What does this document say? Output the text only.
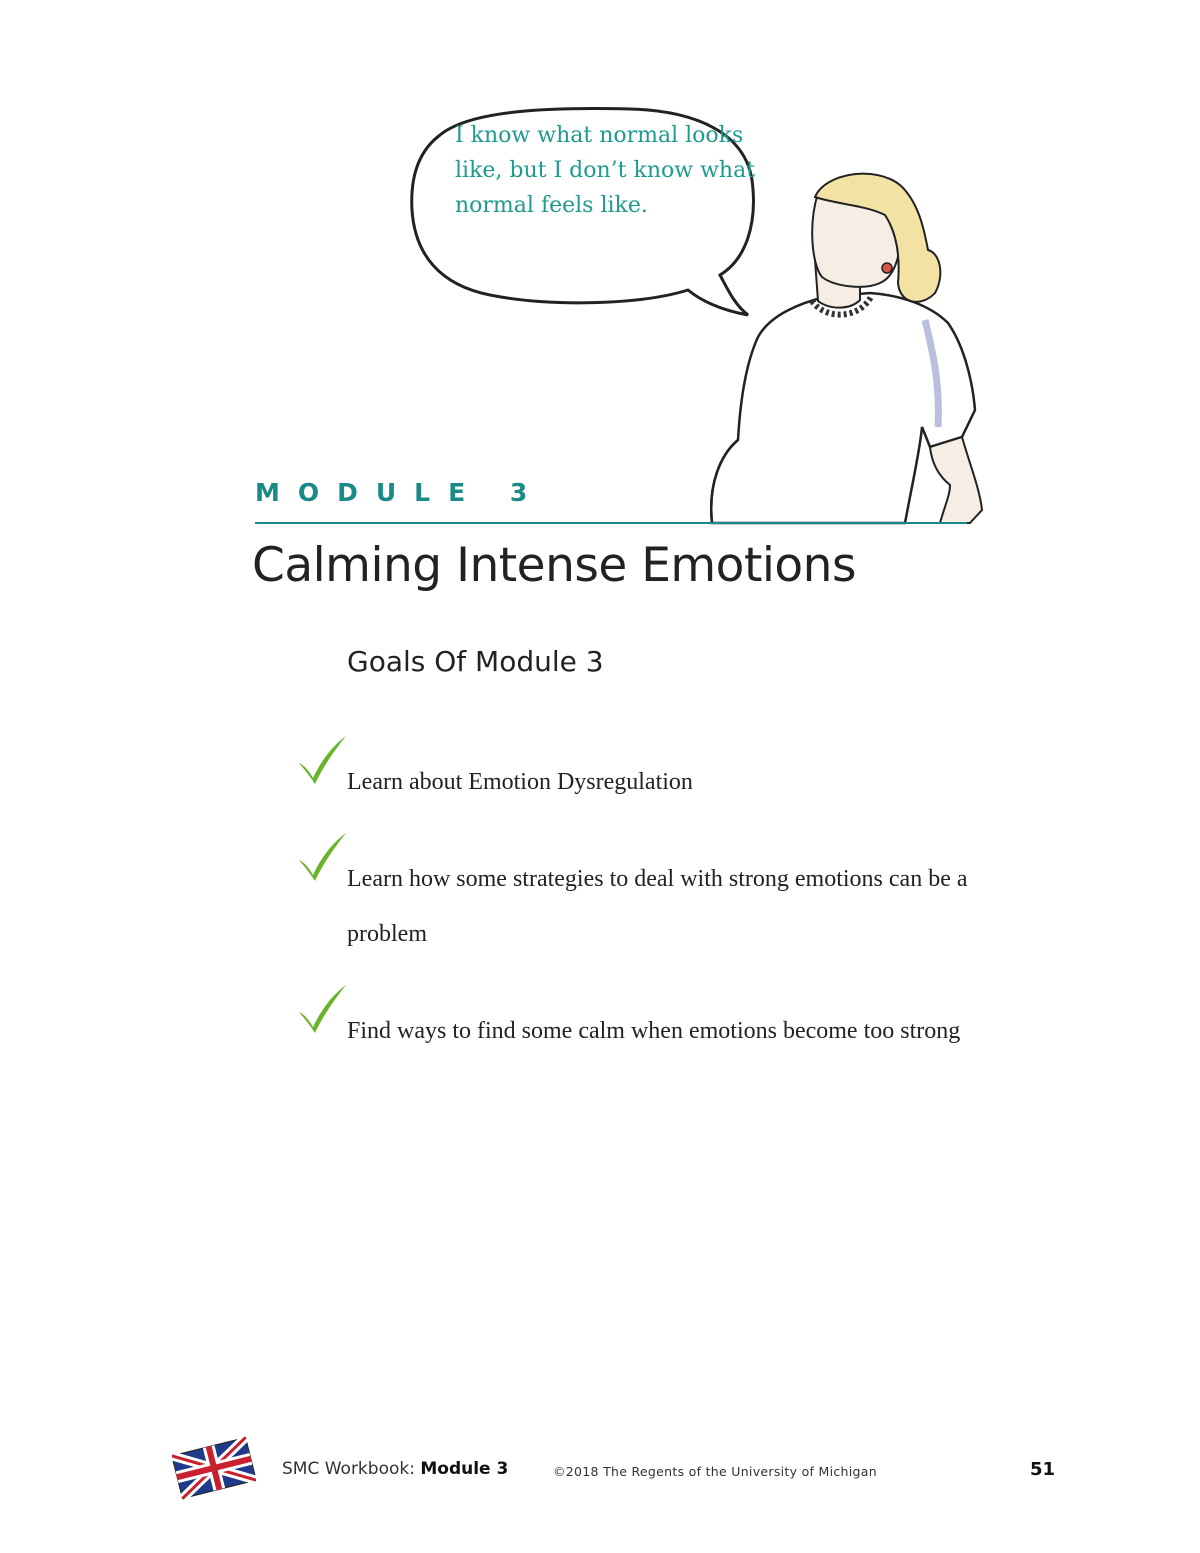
I know what normal looks like, but I don’t know what normal feels like.
MODULE 3
Calming Intense Emotions
Goals Of Module 3
Learn about Emotion Dysregulation
Learn how some strategies to deal with strong emotions can be a problem
Find ways to find some calm when emotions become too strong
SMC Workbook: Module 3	©2018 The Regents of the University of Michigan	51
